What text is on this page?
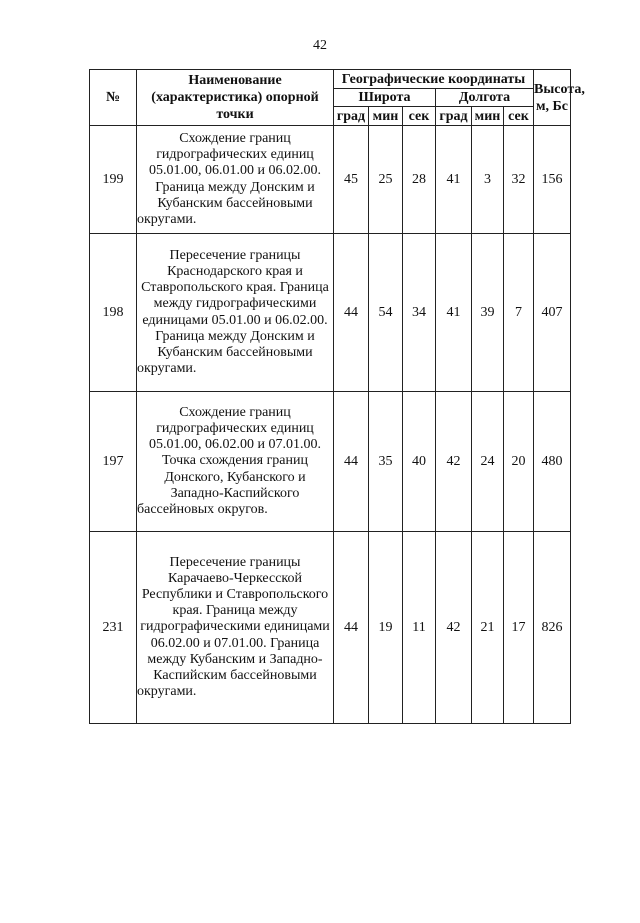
42
№	Наименование (характеристика) опорной точки	Географические координаты						Высота, м, Бс
		Широта			Долгота			
		град	мин	сек	град	мин	сек	
199	Схождение границ гидрографических единиц 05.01.00, 06.01.00 и 06.02.00. Граница между Донским и Кубанским бассейновыми округами.	45	25	28	41	3	32	156
198	Пересечение границы Краснодарского края и Ставропольского края. Граница между гидрографическими единицами 05.01.00 и 06.02.00. Граница между Донским и Кубанским бассейновыми округами.	44	54	34	41	39	7	407
197	Схождение границ гидрографических единиц 05.01.00, 06.02.00 и 07.01.00. Точка схождения границ Донского, Кубанского и Западно-Каспийского бассейновых округов.	44	35	40	42	24	20	480
231	Пересечение границы Карачаево-Черкесской Республики и Ставропольского края. Граница между гидрографическими единицами 06.02.00 и 07.01.00. Граница между Кубанским и Западно-Каспийским бассейновыми округами.	44	19	11	42	21	17	826
